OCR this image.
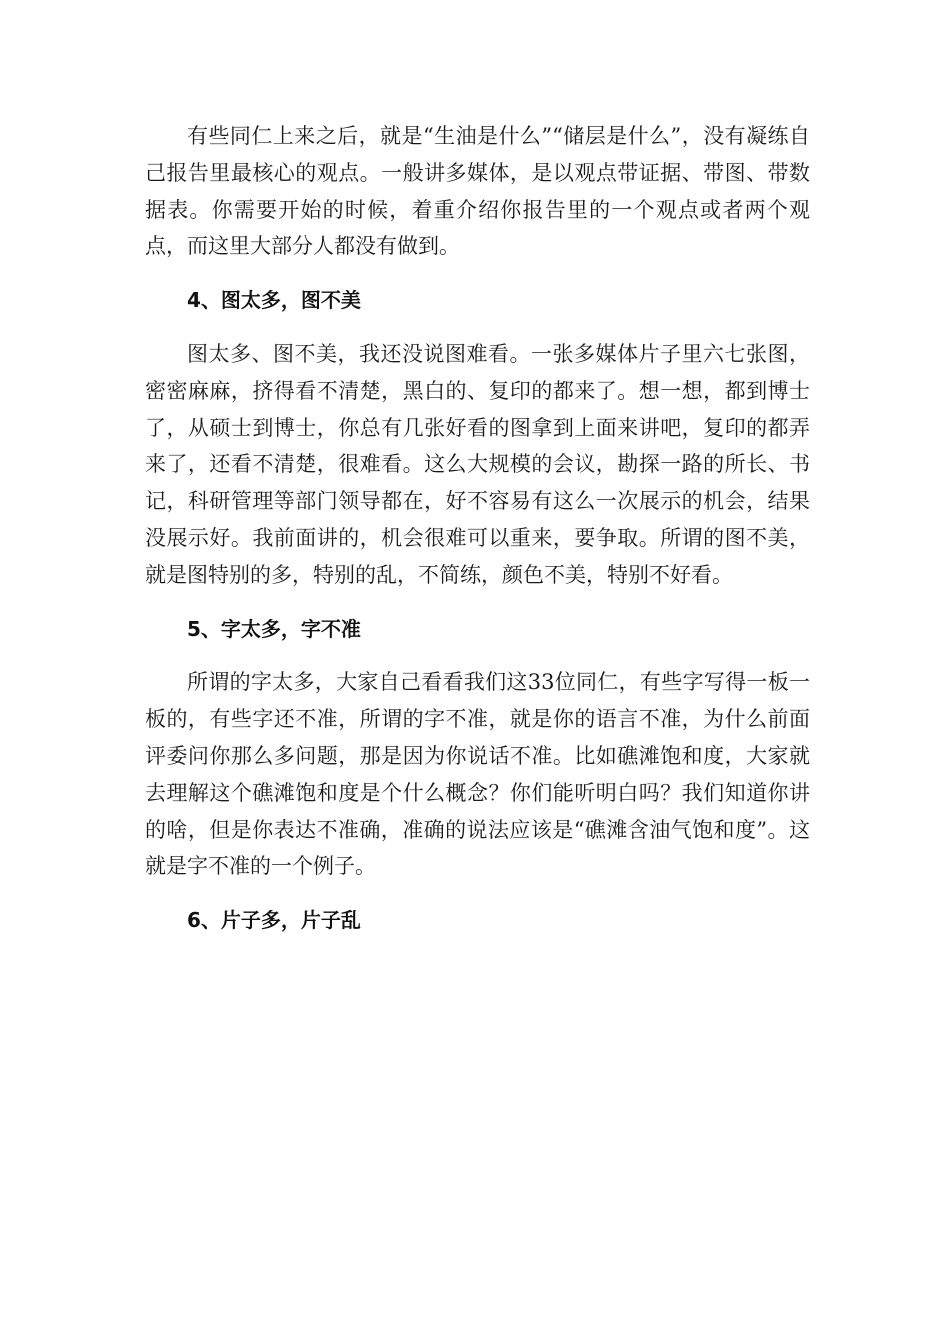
有些同仁上来之后，就是“生油是什么”“储层是什么”，没有凝练自己报告里最核心的观点。一般讲多媒体，是以观点带证据、带图、带数据表。你需要开始的时候，着重介绍你报告里的一个观点或者两个观点，而这里大部分人都没有做到。

4、图太多，图不美

图太多、图不美，我还没说图难看。一张多媒体片子里六七张图，密密麻麻，挤得看不清楚，黑白的、复印的都来了。想一想，都到博士了，从硕士到博士，你总有几张好看的图拿到上面来讲吧，复印的都弄来了，还看不清楚，很难看。这么大规模的会议，勘探一路的所长、书记，科研管理等部门领导都在，好不容易有这么一次展示的机会，结果没展示好。我前面讲的，机会很难可以重来，要争取。所谓的图不美，就是图特别的多，特别的乱，不简练，颜色不美，特别不好看。

5、字太多，字不准

所谓的字太多，大家自己看看我们这33位同仁，有些字写得一板一板的，有些字还不准，所谓的字不准，就是你的语言不准，为什么前面评委问你那么多问题，那是因为你说话不准。比如礁滩饱和度，大家就去理解这个礁滩饱和度是个什么概念？你们能听明白吗？我们知道你讲的啥，但是你表达不准确，准确的说法应该是“礁滩含油气饱和度”。这就是字不准的一个例子。

6、片子多，片子乱
